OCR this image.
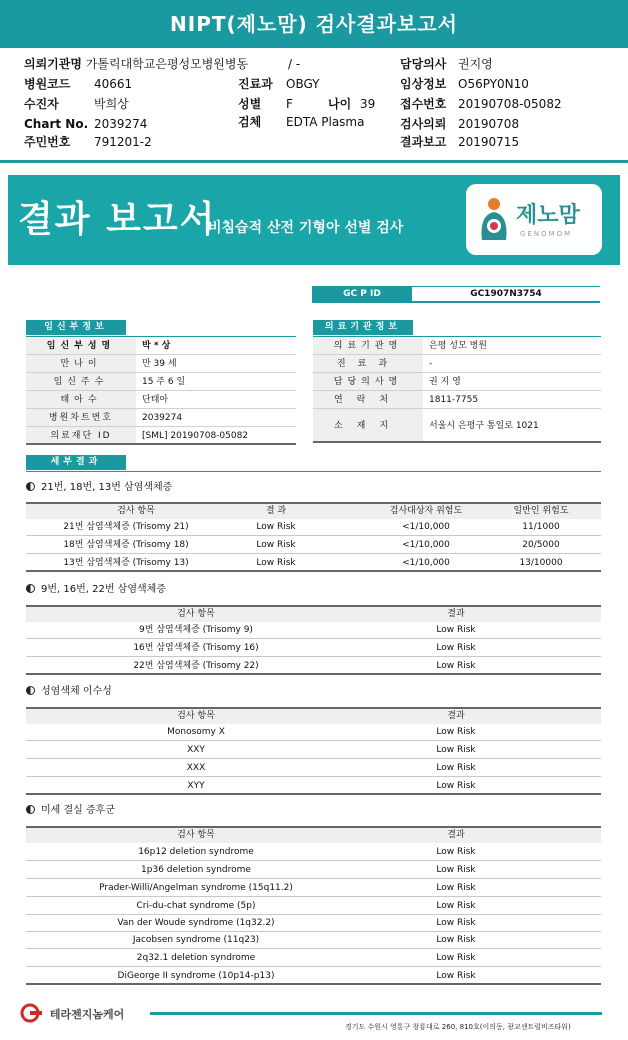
NIPT(제노맘) 검사결과보고서
의뢰기관명 가톨릭대학교은평성모병원병동	/ -	담당의사 권지영
병원코드 40661	진료과 OBGY	임상정보 O56PY0N10
수진자	박희상	성별 F	나이 39 접수번호 20190708-05082
Chart No. 2039274	검체 EDTA Plasma	검사의뢰 20190708
주민번호 791201-2	결과보고 20190715
결과 보고서
비침습적 산전 기형아 선별 검사	제노맘
GENOMOM
GC P ID	GC1907N3754
임신부정보
임신부성명	박 * 상
만나이	만 39 세
임신주수	15 주 6 일
태아수	단태아
병원차트번호	2039274
의료재단 ID	[SML] 20190708-05082
의료기관정보
의료기관명	은평 성모 병원
진료과	-
담당의사명	권 지 영
연락처	1811-7755
소재지	서울시 은평구 통일로 1021
세부결과
21번, 18번, 13번 삼염색체증
검사 항목	결 과	검사대상자 위험도	일반인 위험도
21번 삼염색체증 (Trisomy 21)	Low Risk	<1/10,000	11/1000
18번 삼염색체증 (Trisomy 18)	Low Risk	<1/10,000	20/5000
13번 삼염색체증 (Trisomy 13)	Low Risk	<1/10,000	13/10000
9번, 16번, 22번 삼염색체증
검사 항목	결과
9번 삼염색체증 (Trisomy 9)	Low Risk
16번 삼염색체증 (Trisomy 16)	Low Risk
22번 삼염색체증 (Trisomy 22)	Low Risk
성염색체 이수성
검사 항목	결과
Monosomy X	Low Risk
XXY	Low Risk
XXX	Low Risk
XYY	Low Risk
미세 결실 증후군
검사 항목	결과
16p12 deletion syndrome	Low Risk
1p36 deletion syndrome	Low Risk
Prader-Willi/Angelman syndrome (15q11.2)	Low Risk
Cri-du-chat syndrome (5p)	Low Risk
Van der Woude syndrome (1q32.2)	Low Risk
Jacobsen syndrome (11q23)	Low Risk
2q32.1 deletion syndrome	Low Risk
DiGeorge II syndrome (10p14-p13)	Low Risk
테라젠지놈케어
경기도 수원시 영통구 창룡대로 260, 810호(이의동, 광교센트럴비즈타워)
